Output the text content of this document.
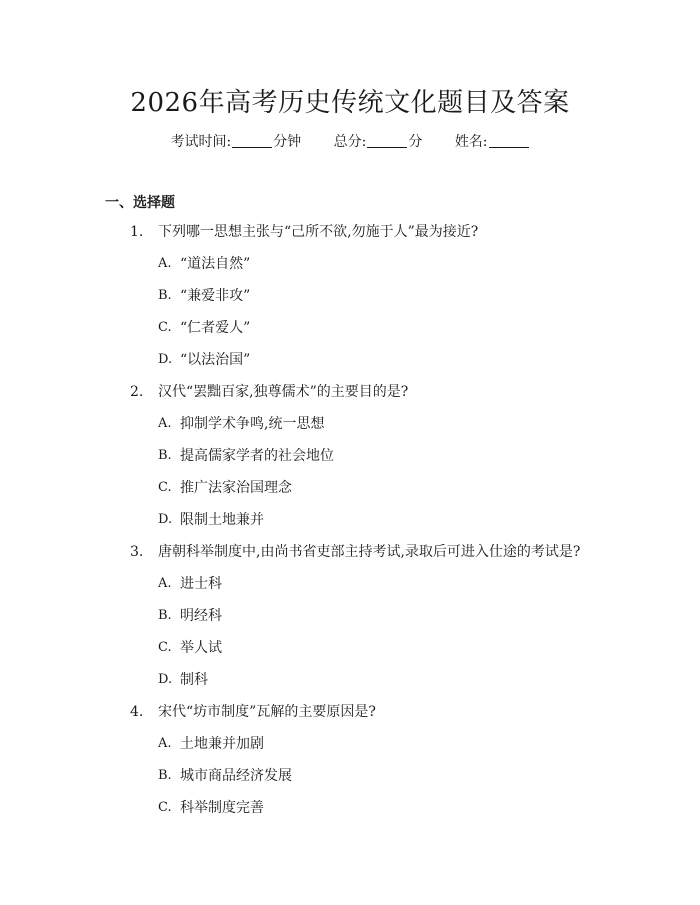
2026年高考历史传统文化题目及答案
考试时间:	分钟 总分:	分 姓名:
一、选择题
1. 下列哪一思想主张与“己所不欲,勿施于人”最为接近?
A. “道法自然”
B. “兼爱非攻”
C. “仁者爱人”
D. “以法治国”
2. 汉代“罢黜百家,独尊儒术”的主要目的是?
A. 抑制学术争鸣,统一思想
B. 提高儒家学者的社会地位
C. 推广法家治国理念
D. 限制土地兼并
3. 唐朝科举制度中,由尚书省吏部主持考试,录取后可进入仕途的考试是?
A. 进士科
B. 明经科
C. 举人试
D. 制科
4. 宋代“坊市制度”瓦解的主要原因是?
A. 土地兼并加剧
B. 城市商品经济发展
C. 科举制度完善
